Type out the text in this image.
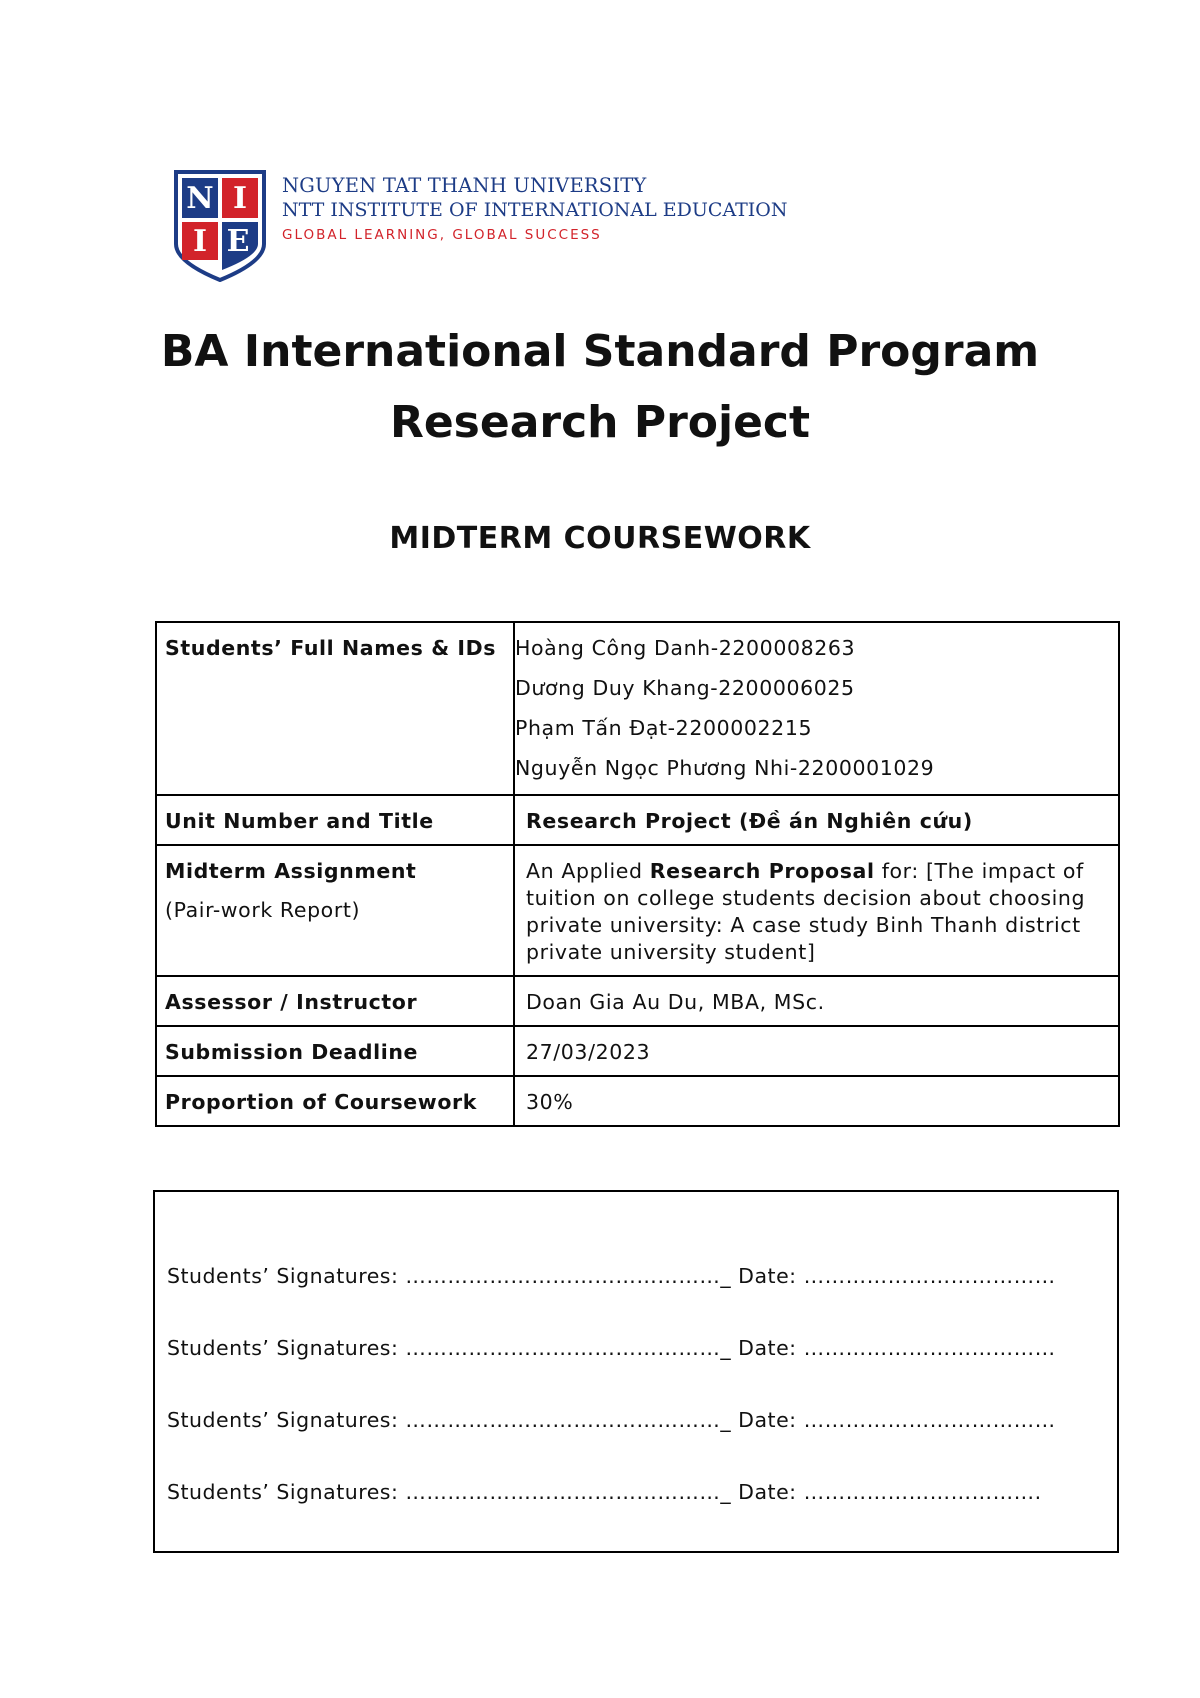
N I
I E
NGUYEN TAT THANH UNIVERSITY
NTT INSTITUTE OF INTERNATIONAL EDUCATION
GLOBAL LEARNING, GLOBAL SUCCESS
BA International Standard Program
Research Project
MIDTERM COURSEWORK
Students’ Full Names & IDs	Hoàng Công Danh-2200008263
Dương Duy Khang-2200006025
Phạm Tấn Đạt-2200002215
Nguyễn Ngọc Phương Nhi-2200001029

Unit Number and Title	Research Project (Đề án Nghiên cứu)

Midterm Assignment
(Pair-work Report)	An Applied Research Proposal for: [The impact of tuition on college students decision about choosing private university: A case study Binh Thanh district private university student]
Assessor / Instructor	Doan Gia Au Du, MBA, MSc.
Submission Deadline	27/03/2023
Proportion of Coursework	30%
Students’ Signatures: ………………………………………_ Date: ………………………………
Students’ Signatures: ………………………………………_ Date: ………………………………
Students’ Signatures: ………………………………………_ Date: ………………………………
Students’ Signatures: ………………………………………_ Date: …………………………….
